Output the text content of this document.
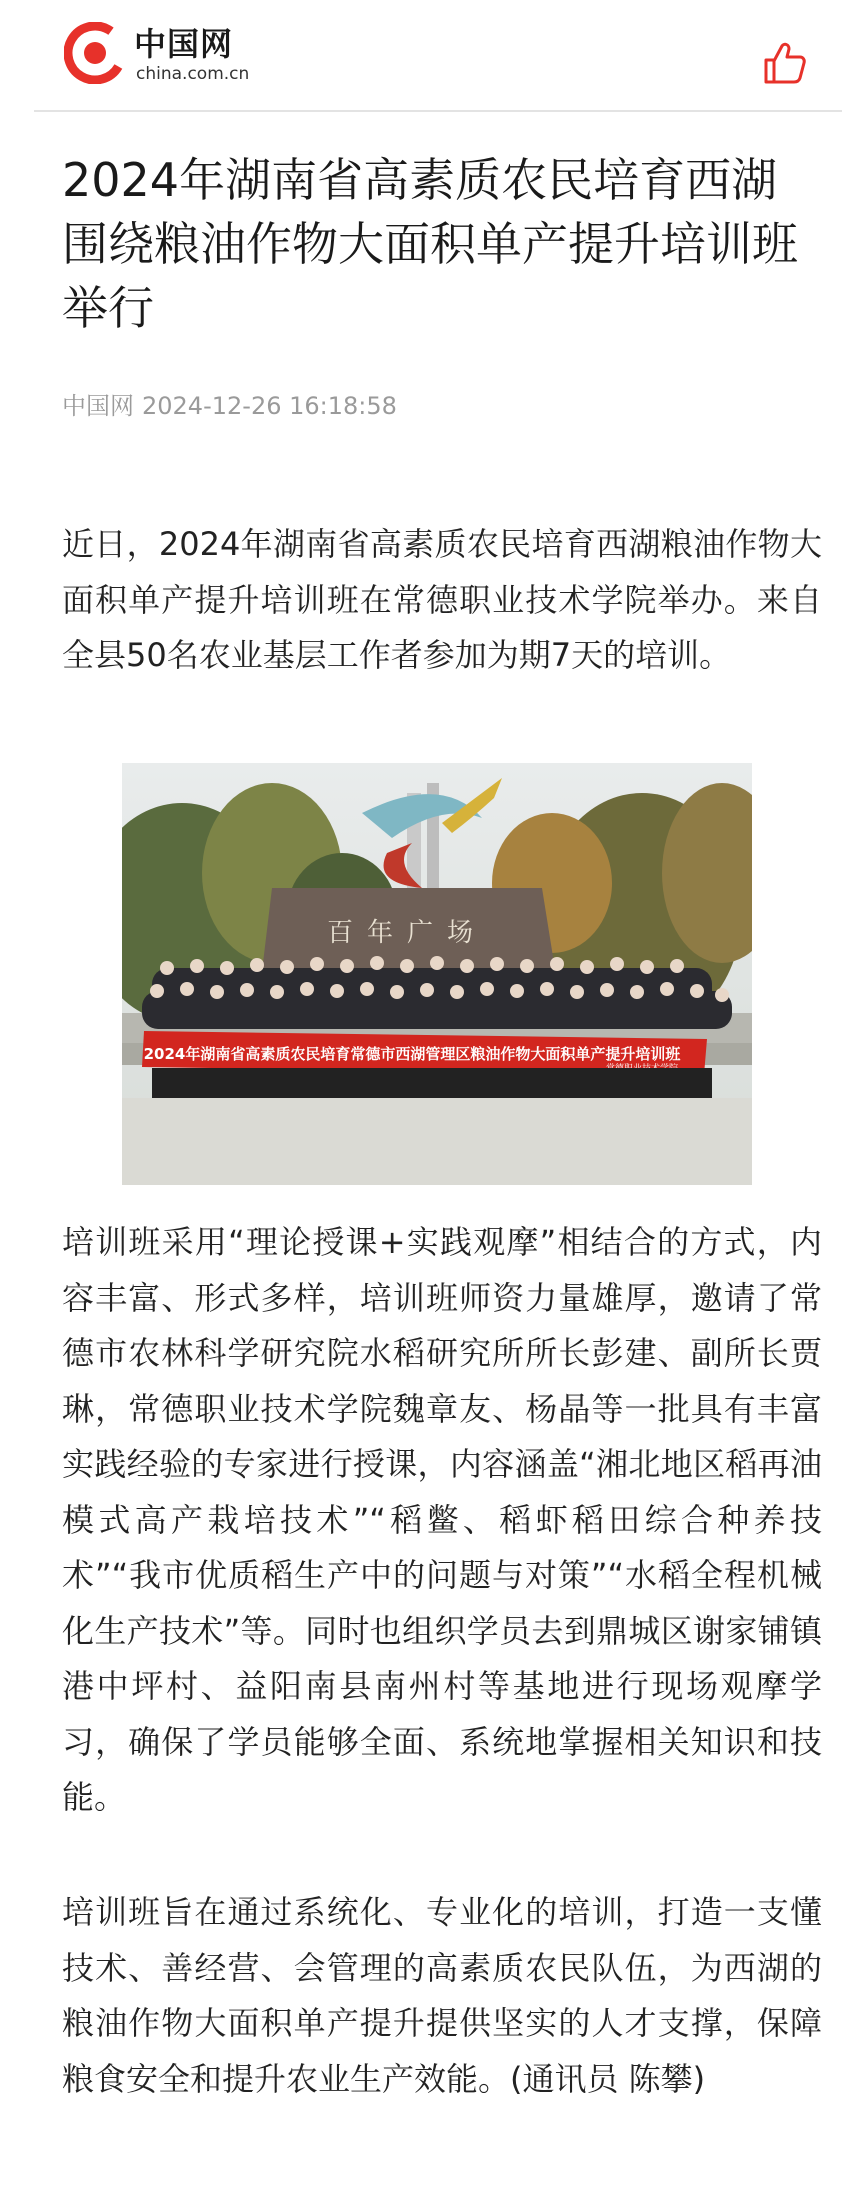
中国网
china.com.cn
2024年湖南省高素质农民培育西湖围绕粮油作物大面积单产提升培训班举行
中国网 2024-12-26 16:18:58

近日，2024年湖南省高素质农民培育西湖粮油作物大面积单产提升培训班在常德职业技术学院举办。来自全县50名农业基层工作者参加为期7天的培训。

百年广场
2024年湖南省高素质农民培育常德市西湖管理区粮油作物大面积单产提升培训班

培训班采用“理论授课+实践观摩”相结合的方式，内容丰富、形式多样，培训班师资力量雄厚，邀请了常德市农林科学研究院水稻研究所所长彭建、副所长贾琳，常德职业技术学院魏章友、杨晶等一批具有丰富实践经验的专家进行授课，内容涵盖“湘北地区稻再油模式高产栽培技术”“稻鳖、稻虾稻田综合种养技术”“我市优质稻生产中的问题与对策”“水稻全程机械化生产技术”等。同时也组织学员去到鼎城区谢家铺镇港中坪村、益阳南县南州村等基地进行现场观摩学习，确保了学员能够全面、系统地掌握相关知识和技能。

培训班旨在通过系统化、专业化的培训，打造一支懂技术、善经营、会管理的高素质农民队伍，为西湖的粮油作物大面积单产提升提供坚实的人才支撑，保障粮食安全和提升农业生产效能。(通讯员 陈攀)
